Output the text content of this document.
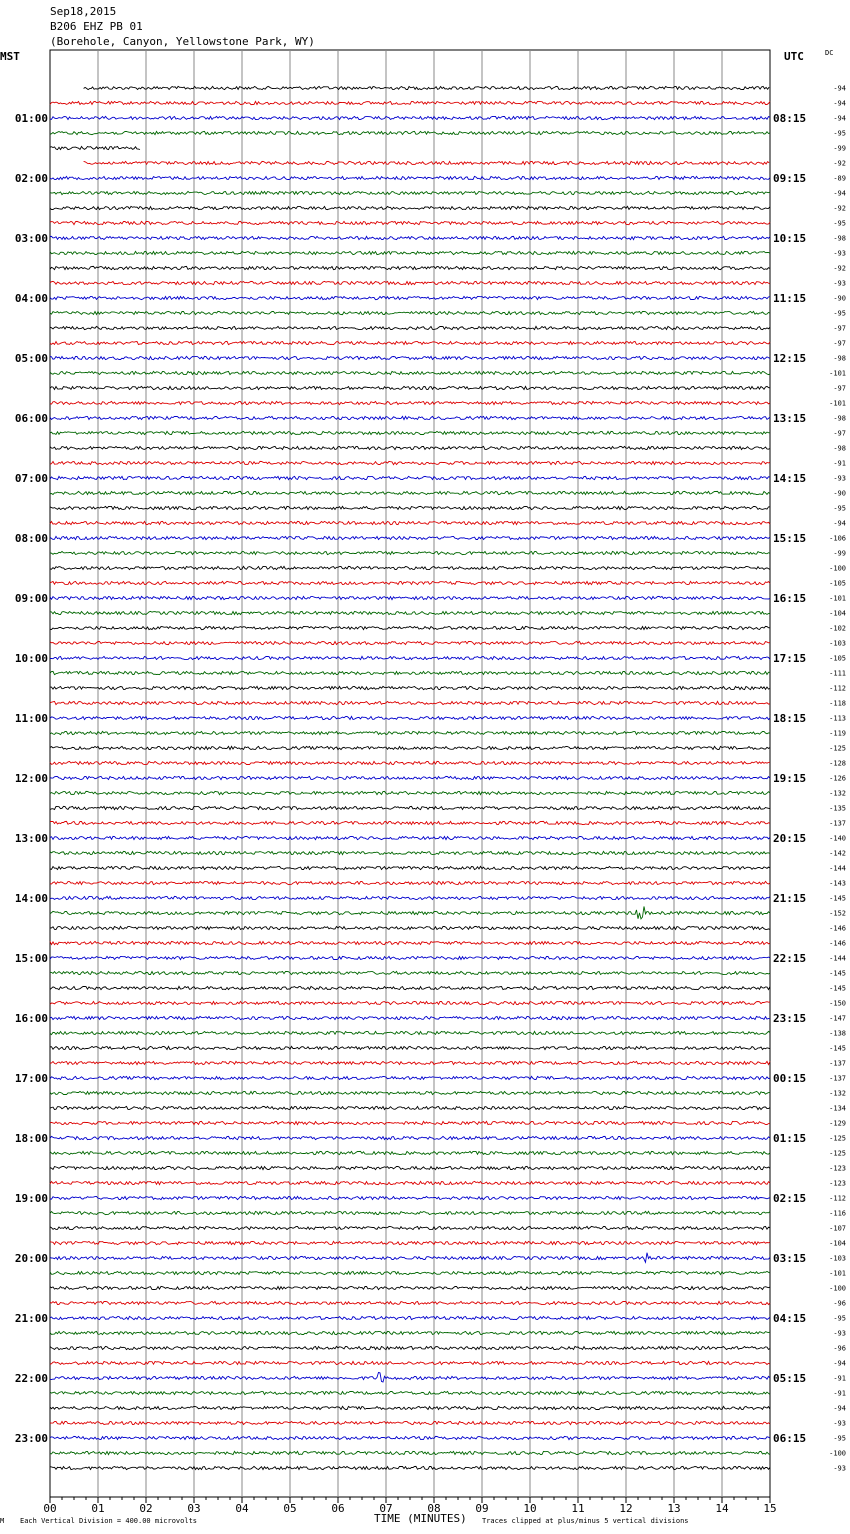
Sep18,2015
B206 EHZ PB 01
(Borehole, Canyon, Yellowstone Park, WY)
MST	UTC	DC
00	01	02	03	04	05	06	07	08	09	10	11	12	13	14	15
-94
-94
-94
-95
-99
-92
-89
-94
-92
-95
-98
-93
-92
-93
-90
-95
-97
-97
-98
-101
-97
-101
-98
-97
-98
-91
-93
-90
-95
-94
-106
-99
-100
-105
-101
-104
-102
-103
-105
-111
-112
-118
-113
-119
-125
-128
-126
-132
-135
-137
-140
-142
-144
-143
-145
-152
-146
-146
-144
-145
-145
-150
-147
-138
-145
-137
-137
-132
-134
-129
-125
-125
-123
-123
-112
-116
-107
-104
-103
-101
-100
-96
-95
-93
-96
-94
-91
-91
-94
-93
-95
-100
-93
01:00	08:15
02:00	09:15
03:00	10:15
04:00	11:15
05:00	12:15
06:00	13:15
07:00	14:15
08:00	15:15
09:00	16:15
10:00	17:15
11:00	18:15
12:00	19:15
13:00	20:15
14:00	21:15
15:00	22:15
16:00	23:15
17:00	00:15
18:00	01:15
19:00	02:15
20:00	03:15
21:00	04:15
22:00	05:15
23:00	06:15
M Each Vertical Division = 400.00 microvolts	TIME (MINUTES) Traces clipped at plus/minus 5 vertical divisions
